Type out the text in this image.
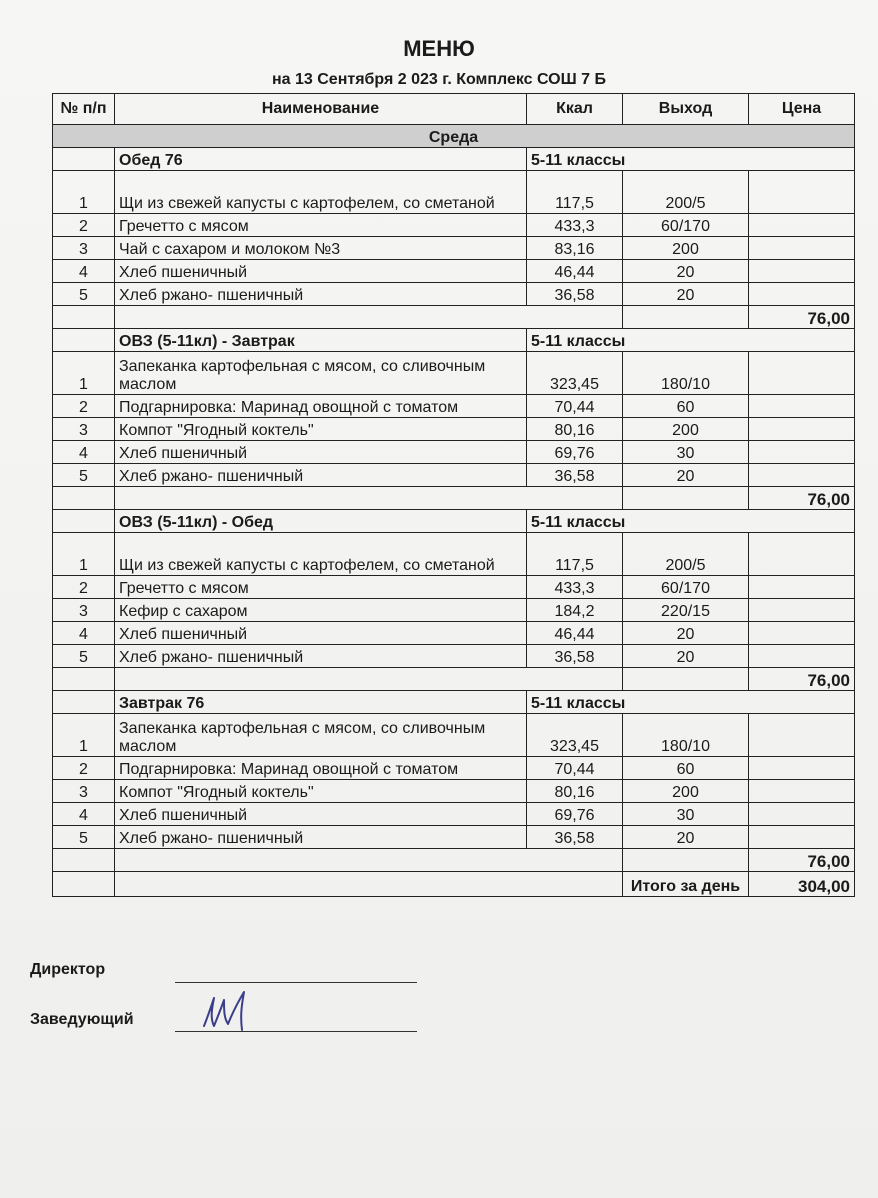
МЕНЮ
на 13 Сентября 2 023 г. Комплекс СОШ 7 Б
№ п/п	Наименование	Ккал	Выход	Цена
Среда				
	Обед 76	5-11 классы		
1	Щи из свежей капусты с картофелем, со сметаной	117,5	200/5	
2	Гречетто с мясом	433,3	60/170	
3	Чай с сахаром и молоком №3	83,16	200	
4	Хлеб пшеничный	46,44	20	
5	Хлеб ржано- пшеничный	36,58	20	
				76,00
	ОВЗ (5-11кл) - Завтрак	5-11 классы		
1	Запеканка картофельная с мясом, со сливочным маслом	323,45	180/10	
2	Подгарнировка: Маринад овощной с томатом	70,44	60	
3	Компот "Ягодный коктель"	80,16	200	
4	Хлеб пшеничный	69,76	30	
5	Хлеб ржано- пшеничный	36,58	20	
				76,00
	ОВЗ (5-11кл) - Обед	5-11 классы		
1	Щи из свежей капусты с картофелем, со сметаной	117,5	200/5	
2	Гречетто с мясом	433,3	60/170	
3	Кефир с сахаром	184,2	220/15	
4	Хлеб пшеничный	46,44	20	
5	Хлеб ржано- пшеничный	36,58	20	
				76,00
	Завтрак 76	5-11 классы		
1	Запеканка картофельная с мясом, со сливочным маслом	323,45	180/10	
2	Подгарнировка: Маринад овощной с томатом	70,44	60	
3	Компот "Ягодный коктель"	80,16	200	
4	Хлеб пшеничный	69,76	30	
5	Хлеб ржано- пшеничный	36,58	20	
				76,00
			Итого за день	304,00
Директор
Заведующий
